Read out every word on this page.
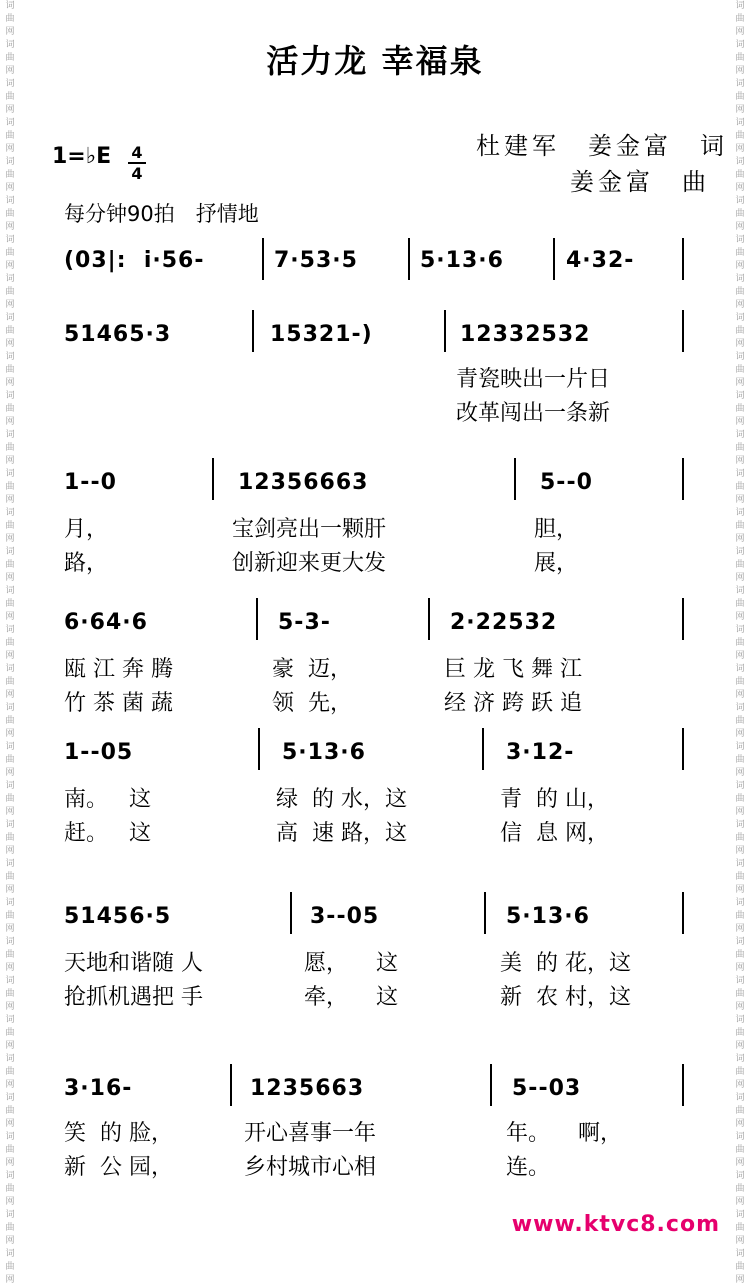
词曲网 词曲网 词曲网 词曲网 词曲网 词曲网 词曲网 词曲网 词曲网 词曲网 词曲网 词曲网 词曲网 词曲网 词曲网 词曲网 词曲网 词曲网 词曲网 词曲网 词曲网 词曲网 词曲网 词曲网 词曲网 词曲网 词曲网 词曲网 词曲网 词曲网 词曲网 词曲网 词曲网
词曲网 词曲网 词曲网 词曲网 词曲网 词曲网 词曲网 词曲网 词曲网 词曲网 词曲网 词曲网 词曲网 词曲网 词曲网 词曲网 词曲网 词曲网 词曲网 词曲网 词曲网 词曲网 词曲网 词曲网 词曲网 词曲网 词曲网 词曲网 词曲网 词曲网 词曲网 词曲网 词曲网
活力龙 幸福泉
杜建军　姜金富　词
姜金富　曲
1=♭E 4
4
每分钟90拍　抒情地
(03|:  i·56-	7·53·5	5·13·6	4·32-
51465·3	15321-)	12332532
青瓷映出一片日
改革闯出一条新
1--0	12356663	5--0
月，	宝剑亮出一颗肝	胆，
路，	创新迎来更大发	展，
6·64·6	5-3-	2·22532
瓯 江 奔 腾	豪  迈，	巨 龙 飞 舞 江
竹 茶 菌 蔬	领  先，	经 济 跨 跃 追
1--05	5·13·6	3·12-
南。   这	绿  的 水，这	青  的 山，
赶。   这	高  速 路，这	信  息 网，
51456·5	3--05	5·13·6
天地和谐随 人	愿，    这	美  的 花，这
抢抓机遇把 手	牵，    这	新  农 村，这
3·16-	1235663	5--03
笑  的 脸，	开心喜事一年	年。    啊，
新  公 园，	乡村城市心相	连。
www.ktvc8.com
